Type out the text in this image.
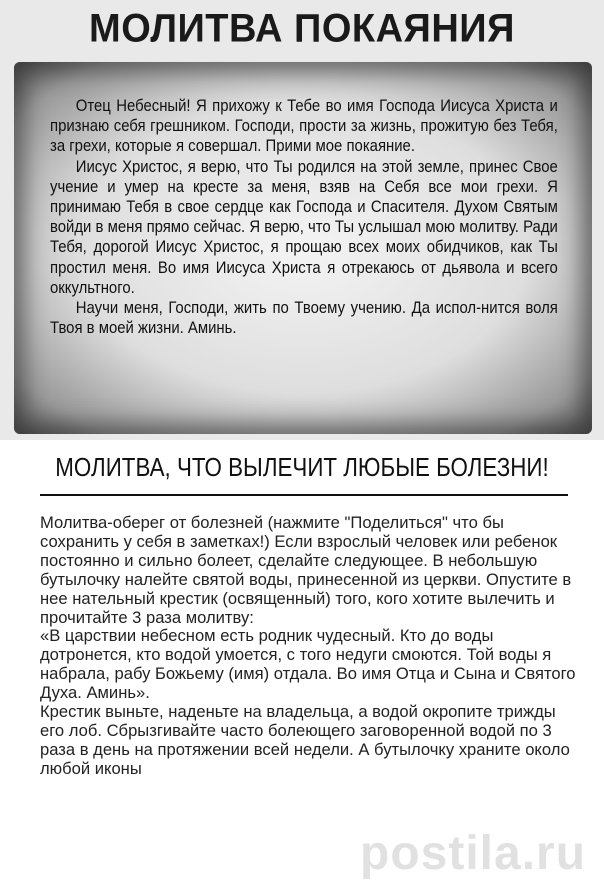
МОЛИТВА ПОКАЯНИЯ

Отец Небесный! Я прихожу к Тебе во имя Господа Иисуса Христа и признаю себя грешником. Господи, прости за жизнь, прожитую без Тебя, за грехи, которые я совершал. Прими мое покаяние.

Иисус Христос, я верю, что Ты родился на этой земле, принес Свое учение и умер на кресте за меня, взяв на Себя все мои грехи. Я принимаю Тебя в свое сердце как Господа и Спасителя. Духом Святым войди в меня прямо сейчас. Я верю, что Ты услышал мою молитву. Ради Тебя, дорогой Иисус Христос, я прощаю всех моих обидчиков, как Ты простил меня. Во имя Иисуса Христа я отрекаюсь от дьявола и всего оккультного.

Научи меня, Господи, жить по Твоему учению. Да испол-нится воля Твоя в моей жизни. Аминь.

МОЛИТВА, ЧТО ВЫЛЕЧИТ ЛЮБЫЕ БОЛЕЗНИ!

Молитва-оберег от болезней (нажмите "Поделиться" что бы сохранить у себя в заметках!) Если взрослый человек или ребенок постоянно и сильно болеет, сделайте следующее. В небольшую бутылочку налейте святой воды, принесенной из церкви. Опустите в нее нательный крестик (освященный) того, кого хотите вылечить и прочитайте 3 раза молитву:

«В царствии небесном есть родник чудесный. Кто до воды дотронется, кто водой умоется, с того недуги смоются. Той воды я набрала, рабу Божьему (имя) отдала. Во имя Отца и Сына и Святого Духа. Аминь».

Крестик выньте, наденьте на владельца, а водой окропите трижды его лоб. Сбрызгивайте часто болеющего заговоренной водой по 3 раза в день на протяжении всей недели. А бутылочку храните около любой иконы

postila.ru
